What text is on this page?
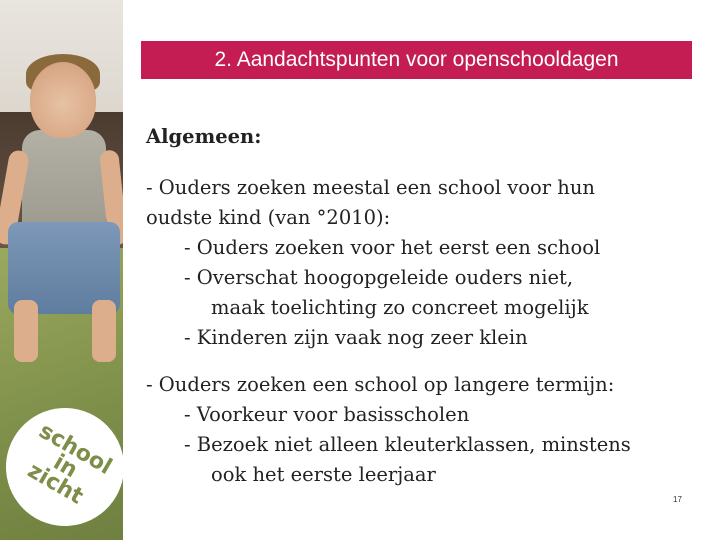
school
in
zicht
2. Aandachtspunten voor openschooldagen
Algemeen:
- Ouders zoeken meestal een school voor hun
oudste kind (van °2010):
- Ouders zoeken voor het eerst een school
- Overschat hoogopgeleide ouders niet,
maak toelichting zo concreet mogelijk
- Kinderen zijn vaak nog zeer klein
- Ouders zoeken een school op langere termijn:
- Voorkeur voor basisscholen
- Bezoek niet alleen kleuterklassen, minstens
ook het eerste leerjaar
17
